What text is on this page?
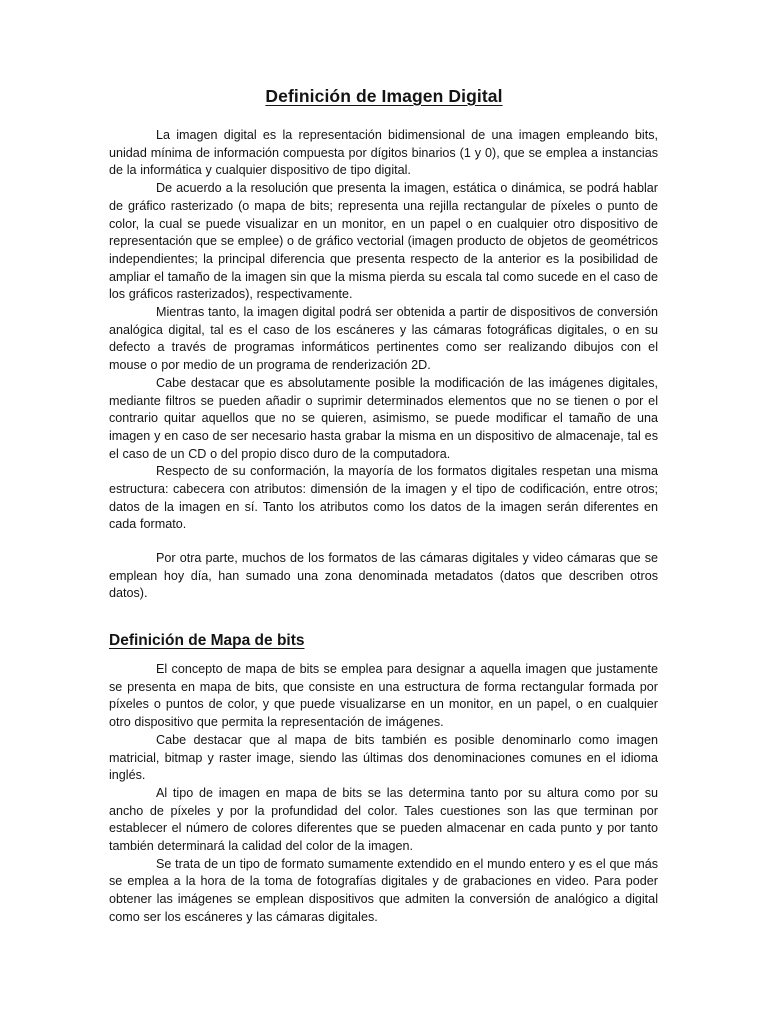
Definición de Imagen Digital

La imagen digital es la representación bidimensional de una imagen empleando bits, unidad mínima de información compuesta por dígitos binarios (1 y 0), que se emplea a instancias de la informática y cualquier dispositivo de tipo digital.

De acuerdo a la resolución que presenta la imagen, estática o dinámica, se podrá hablar de gráfico rasterizado (o mapa de bits; representa una rejilla rectangular de píxeles o punto de color, la cual se puede visualizar en un monitor, en un papel o en cualquier otro dispositivo de representación que se emplee) o de gráfico vectorial (imagen producto de objetos de geométricos independientes; la principal diferencia que presenta respecto de la anterior es la posibilidad de ampliar el tamaño de la imagen sin que la misma pierda su escala tal como sucede en el caso de los gráficos rasterizados), respectivamente.

Mientras tanto, la imagen digital podrá ser obtenida a partir de dispositivos de conversión analógica digital, tal es el caso de los escáneres y las cámaras fotográficas digitales, o en su defecto a través de programas informáticos pertinentes como ser realizando dibujos con el mouse o por medio de un programa de renderización 2D.

Cabe destacar que es absolutamente posible la modificación de las imágenes digitales, mediante filtros se pueden añadir o suprimir determinados elementos que no se tienen o por el contrario quitar aquellos que no se quieren, asimismo, se puede modificar el tamaño de una imagen y en caso de ser necesario hasta grabar la misma en un dispositivo de almacenaje, tal es el caso de un CD o del propio disco duro de la computadora.

Respecto de su conformación, la mayoría de los formatos digitales respetan una misma estructura: cabecera con atributos: dimensión de la imagen y el tipo de codificación, entre otros; datos de la imagen en sí. Tanto los atributos como los datos de la imagen serán diferentes en cada formato.

Por otra parte, muchos de los formatos de las cámaras digitales y video cámaras que se emplean hoy día, han sumado una zona denominada metadatos (datos que describen otros datos).

Definición de Mapa de bits

El concepto de mapa de bits se emplea para designar a aquella imagen que justamente se presenta en mapa de bits, que consiste en una estructura de forma rectangular formada por píxeles o puntos de color, y que puede visualizarse en un monitor, en un papel, o en cualquier otro dispositivo que permita la representación de imágenes.

Cabe destacar que al mapa de bits también es posible denominarlo como imagen matricial, bitmap y raster image, siendo las últimas dos denominaciones comunes en el idioma inglés.

Al tipo de imagen en mapa de bits se las determina tanto por su altura como por su ancho de píxeles y por la profundidad del color. Tales cuestiones son las que terminan por establecer el número de colores diferentes que se pueden almacenar en cada punto y por tanto también determinará la calidad del color de la imagen.

Se trata de un tipo de formato sumamente extendido en el mundo entero y es el que más se emplea a la hora de la toma de fotografías digitales y de grabaciones en video. Para poder obtener las imágenes se emplean dispositivos que admiten la conversión de analógico a digital como ser los escáneres y las cámaras digitales.
